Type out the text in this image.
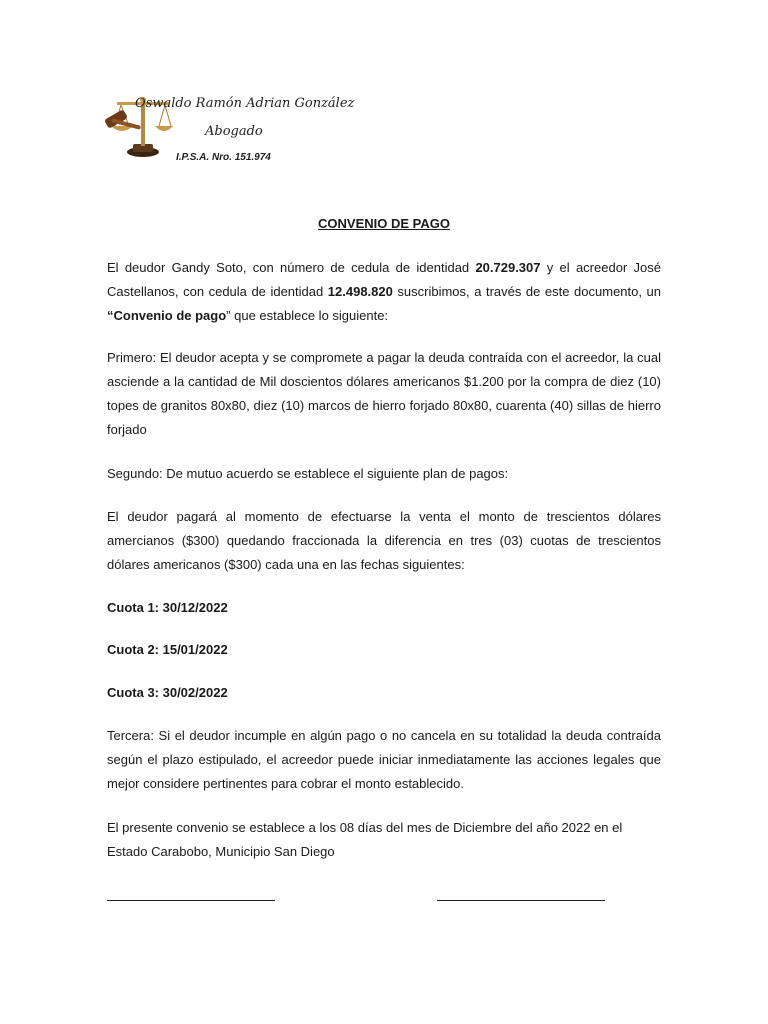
Oswaldo Ramón Adrian González
Abogado
I.P.S.A. Nro. 151.974
CONVENIO DE PAGO
El deudor Gandy Soto, con número de cedula de identidad 20.729.307 y el acreedor José Castellanos, con cedula de identidad 12.498.820 suscribimos, a través de este documento, un “Convenio de pago” que establece lo siguiente:
Primero: El deudor acepta y se compromete a pagar la deuda contraída con el acreedor, la cual asciende a la cantidad de Mil doscientos dólares americanos $1.200 por la compra de diez (10) topes de granitos 80x80, diez (10) marcos de hierro forjado 80x80, cuarenta (40) sillas de hierro forjado
Segundo: De mutuo acuerdo se establece el siguiente plan de pagos:
El deudor pagará al momento de efectuarse la venta el monto de trescientos dólares amercianos ($300) quedando fraccionada la diferencia en tres (03) cuotas de trescientos dólares americanos ($300) cada una en las fechas siguientes:
Cuota 1: 30/12/2022
Cuota 2: 15/01/2022
Cuota 3: 30/02/2022
Tercera: Si el deudor incumple en algún pago o no cancela en su totalidad la deuda contraída según el plazo estipulado, el acreedor puede iniciar inmediatamente las acciones legales que mejor considere pertinentes para cobrar el monto establecido.
El presente convenio se establece a los 08 días del mes de Diciembre del año 2022 en el Estado Carabobo, Municipio San Diego
